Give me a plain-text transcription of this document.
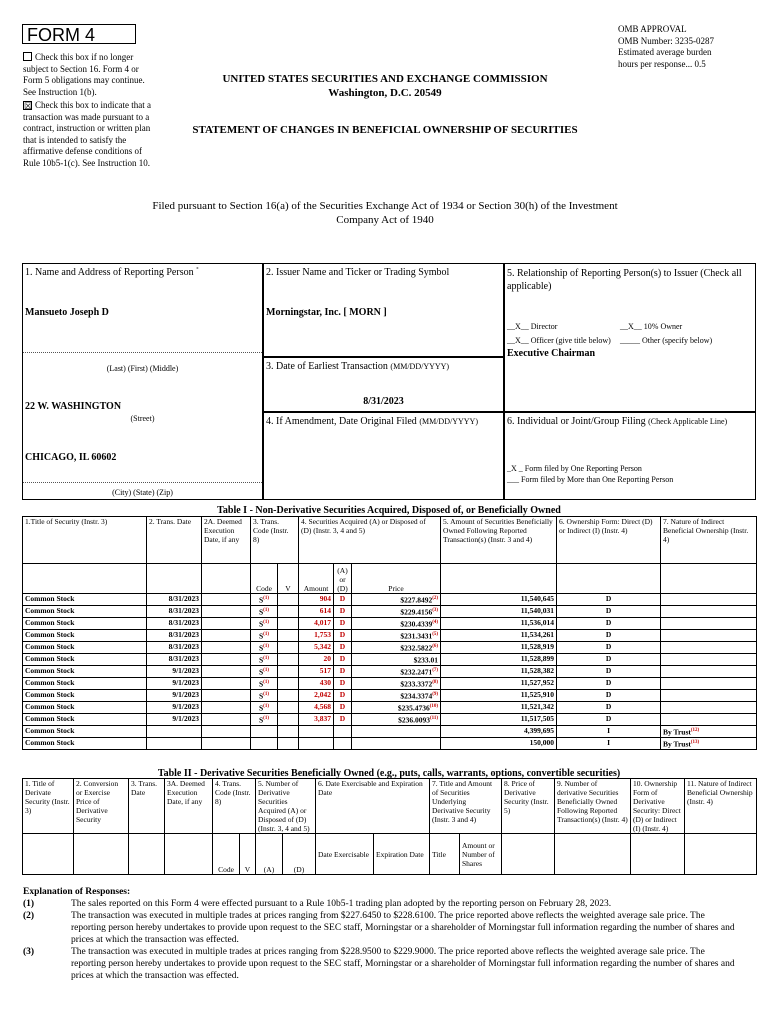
FORM 4
Check this box if no longer subject to Section 16. Form 4 or Form 5 obligations may continue. See Instruction 1(b).
☒ Check this box to indicate that a transaction was made pursuant to a contract, instruction or written plan that is intended to satisfy the affirmative defense conditions of Rule 10b5-1(c). See Instruction 10.
OMB APPROVAL
OMB Number: 3235-0287
Estimated average burden
hours per response... 0.5
UNITED STATES SECURITIES AND EXCHANGE COMMISSION
Washington, D.C. 20549
STATEMENT OF CHANGES IN BENEFICIAL OWNERSHIP OF SECURITIES
Filed pursuant to Section 16(a) of the Securities Exchange Act of 1934 or Section 30(h) of the Investment Company Act of 1940
1. Name and Address of Reporting Person *
Mansueto Joseph D
(Last) (First) (Middle)
22 W. WASHINGTON
(Street)
CHICAGO, IL 60602
(City) (State) (Zip)
2. Issuer Name and Ticker or Trading Symbol
Morningstar, Inc. [ MORN ]
3. Date of Earliest Transaction (MM/DD/YYYY)
8/31/2023
4. If Amendment, Date Original Filed (MM/DD/YYYY)
5. Relationship of Reporting Person(s) to Issuer (Check all applicable)
__X__ Director	__X__ 10% Owner
__X__ Officer (give title below) _____ Other (specify below)
Executive Chairman
6. Individual or Joint/Group Filing (Check Applicable Line)
_X _ Form filed by One Reporting Person
___ Form filed by More than One Reporting Person
Table I - Non-Derivative Securities Acquired, Disposed of, or Beneficially Owned
1.Title of Security (Instr. 3)	2. Trans. Date	2A. Deemed Execution Date, if any	3. Trans. Code (Instr. 8)		4. Securities Acquired (A) or Disposed of (D) (Instr. 3, 4 and 5)			5. Amount of Securities Beneficially Owned Following Reported Transaction(s) (Instr. 3 and 4)	6. Ownership Form: Direct (D) or Indirect (I) (Instr. 4)	7. Nature of Indirect Beneficial Ownership (Instr. 4)
			Code	V	Amount	(A) or (D)	Price			
Common Stock	8/31/2023		$S^{(1)}$		904	D	$227.8492$^{(2)}$	11,540,645	D	
Common Stock	8/31/2023		$S^{(1)}$		614	D	$229.4156$^{(3)}$	11,540,031	D	
Common Stock	8/31/2023		$S^{(1)}$		4,017	D	$230.4339$^{(4)}$	11,536,014	D	
Common Stock	8/31/2023		$S^{(1)}$		1,753	D	$231.3431$^{(5)}$	11,534,261	D	
Common Stock	8/31/2023		$S^{(1)}$		5,342	D	$232.5822$^{(6)}$	11,528,919	D	
Common Stock	8/31/2023		$S^{(1)}$		20	D	$233.01	11,528,899	D	
Common Stock	9/1/2023		$S^{(1)}$		517	D	$232.2471$^{(7)}$	11,528,382	D	
Common Stock	9/1/2023		$S^{(1)}$		430	D	$233.3372$^{(8)}$	11,527,952	D	
Common Stock	9/1/2023		$S^{(1)}$		2,042	D	$234.3374$^{(9)}$	11,525,910	D	
Common Stock	9/1/2023		$S^{(1)}$		4,568	D	$235.4736$^{(10)}$	11,521,342	D	
Common Stock	9/1/2023		$S^{(1)}$		3,837	D	$236.0093$^{(11)}$	11,517,505	D	
Common Stock								4,399,695	I	By Trust$^{(12)}$
Common Stock								150,000	I	By Trust$^{(13)}$
Table II - Derivative Securities Beneficially Owned (e.g., puts, calls, warrants, options, convertible securities)
1. Title of Derivate Security (Instr. 3)	2. Conversion or Exercise Price of Derivative Security	3. Trans. Date	3A. Deemed Execution Date, if any	4. Trans. Code (Instr. 8)		5. Number of Derivative Securities Acquired (A) or Disposed of (D) (Instr. 3, 4 and 5)		6. Date Exercisable and Expiration Date		7. Title and Amount of Securities Underlying Derivative Security (Instr. 3 and 4)		8. Price of Derivative Security (Instr. 5)	9. Number of derivative Securities Beneficially Owned Following Reported Transaction(s) (Instr. 4)	10. Ownership Form of Derivative Security: Direct (D) or Indirect (I) (Instr. 4)	11. Nature of Indirect Beneficial Ownership (Instr. 4)
				Code	V	(A)	(D)	Date Exercisable	Expiration Date	Title	Amount or Number of Shares				
Explanation of Responses:
(1)	The sales reported on this Form 4 were effected pursuant to a Rule 10b5-1 trading plan adopted by the reporting person on February 28, 2023.
(2)	The transaction was executed in multiple trades at prices ranging from $227.6450 to $228.6100. The price reported above reflects the weighted average sale price. The reporting person hereby undertakes to provide upon request to the SEC staff, Morningstar or a shareholder of Morningstar full information regarding the number of shares and prices at which the transaction was effected.
(3)	The transaction was executed in multiple trades at prices ranging from $228.9500 to $229.9000. The price reported above reflects the weighted average sale price. The reporting person hereby undertakes to provide upon request to the SEC staff, Morningstar or a shareholder of Morningstar full information regarding the number of shares and prices at which the transaction was effected.
